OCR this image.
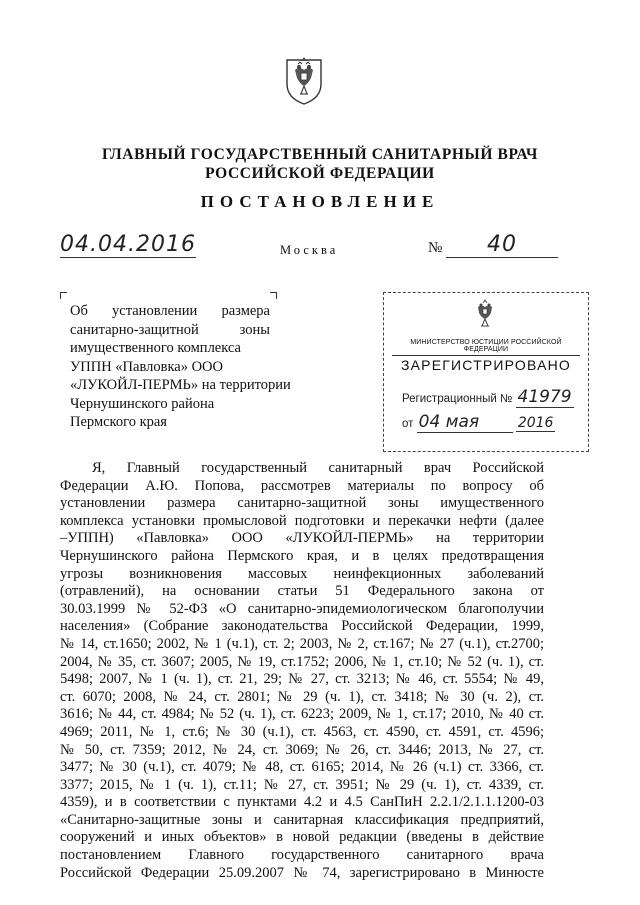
ГЛАВНЫЙ ГОСУДАРСТВЕННЫЙ САНИТАРНЫЙ ВРАЧ
РОССИЙСКОЙ ФЕДЕРАЦИИ
ПОСТАНОВЛЕНИЕ
04.04.2016	Москва	№	40
Об установлении размера
санитарно-защитной зоны
имущественного комплекса
УППН «Павловка» ООО
«ЛУКОЙЛ-ПЕРМЬ» на территории
Чернушинского района
Пермского края
МИНИСТЕРСТВО ЮСТИЦИИ РОССИЙСКОЙ ФЕДЕРАЦИИ
ЗАРЕГИСТРИРОВАНО
Регистрационный № 41979
от 04 мая	2016
Я, Главный государственный санитарный врач Российской
Федерации А.Ю. Попова, рассмотрев материалы по вопросу об
установлении размера санитарно-защитной зоны имущественного
комплекса установки промысловой подготовки и перекачки нефти (далее
–УППН) «Павловка» ООО «ЛУКОЙЛ-ПЕРМЬ» на территории
Чернушинского района Пермского края, и в целях предотвращения
угрозы возникновения массовых неинфекционных заболеваний
(отравлений), на основании статьи 51 Федерального закона от
30.03.1999 № 52-ФЗ «О санитарно-эпидемиологическом благополучии
населения» (Собрание законодательства Российской Федерации, 1999,
№ 14, ст.1650; 2002, № 1 (ч.1), ст. 2; 2003, № 2, ст.167; № 27 (ч.1), ст.2700;
2004, № 35, ст. 3607; 2005, № 19, ст.1752; 2006, № 1, ст.10; № 52 (ч. 1), ст.
5498; 2007, № 1 (ч. 1), ст. 21, 29; № 27, ст. 3213; № 46, ст. 5554; № 49,
ст. 6070; 2008, № 24, ст. 2801; № 29 (ч. 1), ст. 3418; № 30 (ч. 2), ст.
3616; № 44, ст. 4984; № 52 (ч. 1), ст. 6223; 2009, № 1, ст.17; 2010, № 40 ст.
4969; 2011, № 1, ст.6; № 30 (ч.1), ст. 4563, ст. 4590, ст. 4591, ст. 4596;
№ 50, ст. 7359; 2012, № 24, ст. 3069; № 26, ст. 3446; 2013, № 27, ст.
3477; № 30 (ч.1), ст. 4079; № 48, ст. 6165; 2014, № 26 (ч.1) ст. 3366, ст.
3377; 2015, № 1 (ч. 1), ст.11; № 27, ст. 3951; № 29 (ч. 1), ст. 4339, ст.
4359), и в соответствии с пунктами 4.2 и 4.5 СанПиН 2.2.1/2.1.1.1200-03
«Санитарно-защитные зоны и санитарная классификация предприятий,
сооружений и иных объектов» в новой редакции (введены в действие
постановлением Главного государственного санитарного врача
Российской Федерации 25.09.2007 № 74, зарегистрировано в Минюсте
